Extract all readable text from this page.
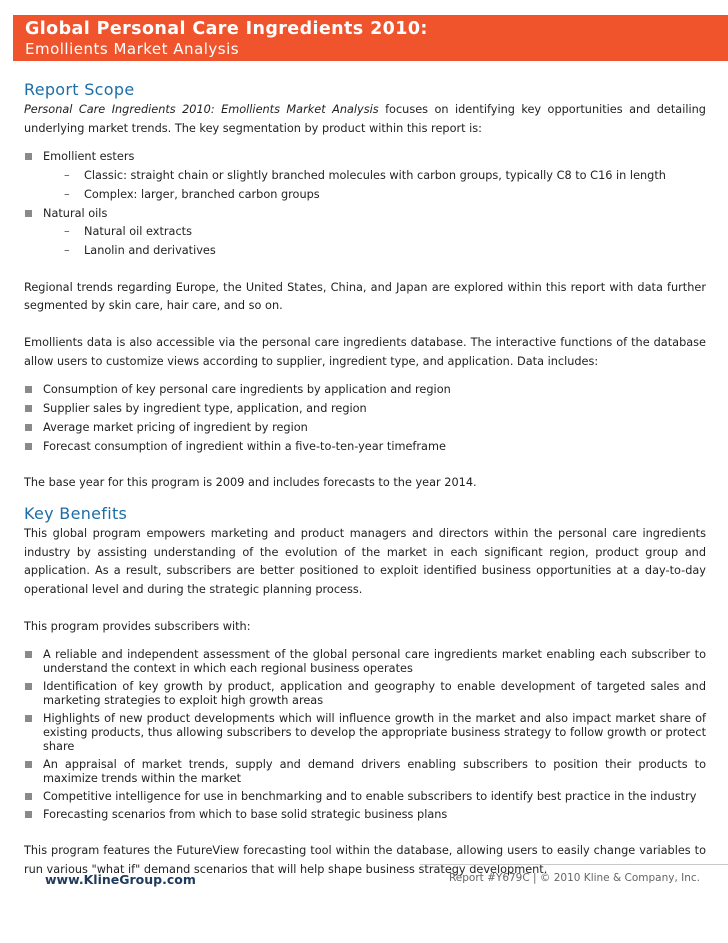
Global Personal Care Ingredients 2010:
Emollients Market Analysis
Report Scope

Personal Care Ingredients 2010: Emollients Market Analysis focuses on identifying key opportunities and detailing underlying market trends. The key segmentation by product within this report is:

Emollient esters
– Classic: straight chain or slightly branched molecules with carbon groups, typically C8 to C16 in length
– Complex: larger, branched carbon groups
Natural oils
– Natural oil extracts
– Lanolin and derivatives

Regional trends regarding Europe, the United States, China, and Japan are explored within this report with data further segmented by skin care, hair care, and so on.

Emollients data is also accessible via the personal care ingredients database. The interactive functions of the database allow users to customize views according to supplier, ingredient type, and application. Data includes:

Consumption of key personal care ingredients by application and region
Supplier sales by ingredient type, application, and region
Average market pricing of ingredient by region
Forecast consumption of ingredient within a five-to-ten-year timeframe

The base year for this program is 2009 and includes forecasts to the year 2014.

Key Benefits

This global program empowers marketing and product managers and directors within the personal care ingredients industry by assisting understanding of the evolution of the market in each significant region, product group and application. As a result, subscribers are better positioned to exploit identified business opportunities at a day-to-day operational level and during the strategic planning process.

This program provides subscribers with:

A reliable and independent assessment of the global personal care ingredients market enabling each subscriber to understand the context in which each regional business operates
Identification of key growth by product, application and geography to enable development of targeted sales and marketing strategies to exploit high growth areas
Highlights of new product developments which will influence growth in the market and also impact market share of existing products, thus allowing subscribers to develop the appropriate business strategy to follow growth or protect share
An appraisal of market trends, supply and demand drivers enabling subscribers to position their products to maximize trends within the market
Competitive intelligence for use in benchmarking and to enable subscribers to identify best practice in the industry
Forecasting scenarios from which to base solid strategic business plans

This program features the FutureView forecasting tool within the database, allowing users to easily change variables to run various "what if" demand scenarios that will help shape business strategy development.

www.KlineGroup.com	Report #Y679C | © 2010 Kline & Company, Inc.
